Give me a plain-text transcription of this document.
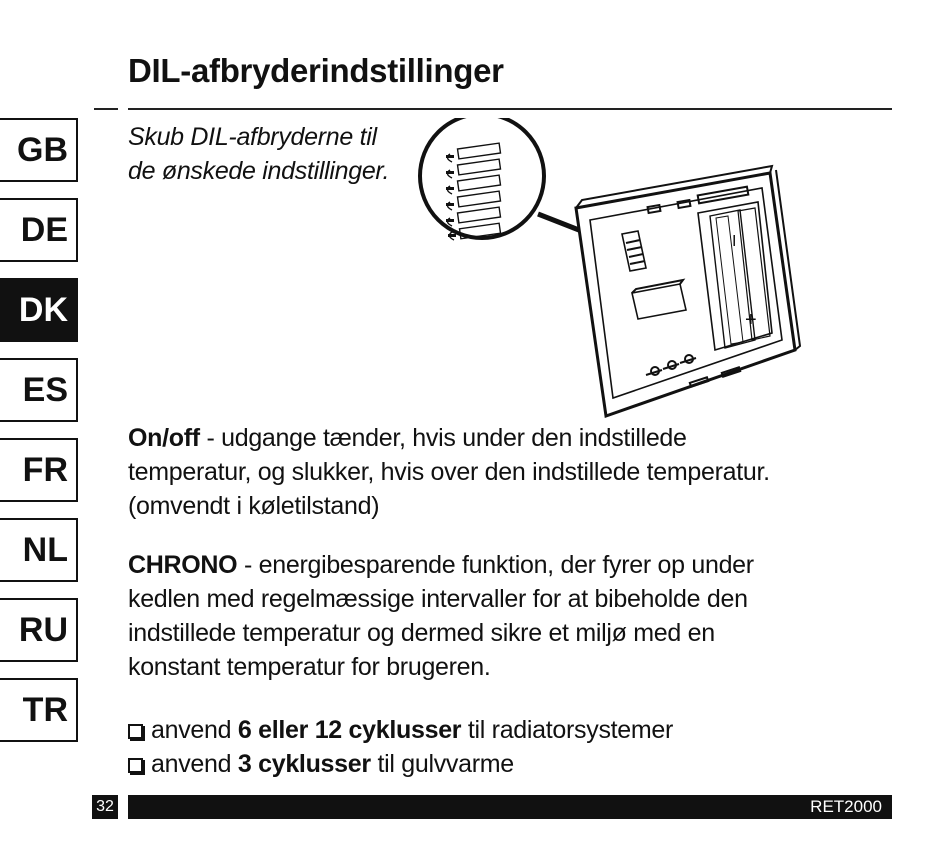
DIL-afbryderindstillinger
GB
DE
DK
ES
FR
NL
RU
TR
Skub DIL-afbryderne til
de ønskede indstillinger.
+
I
On/off - udgange tænder, hvis under den indstillede
temperatur, og slukker, hvis over den indstillede temperatur.
(omvendt i køletilstand)
CHRONO - energibesparende funktion, der fyrer op under
kedlen med regelmæssige intervaller for at bibeholde den
indstillede temperatur og dermed sikre et miljø med en
konstant temperatur for brugeren.
anvend 6 eller 12 cyklusser til radiatorsystemer
anvend 3 cyklusser til gulvvarme
32	RET2000
